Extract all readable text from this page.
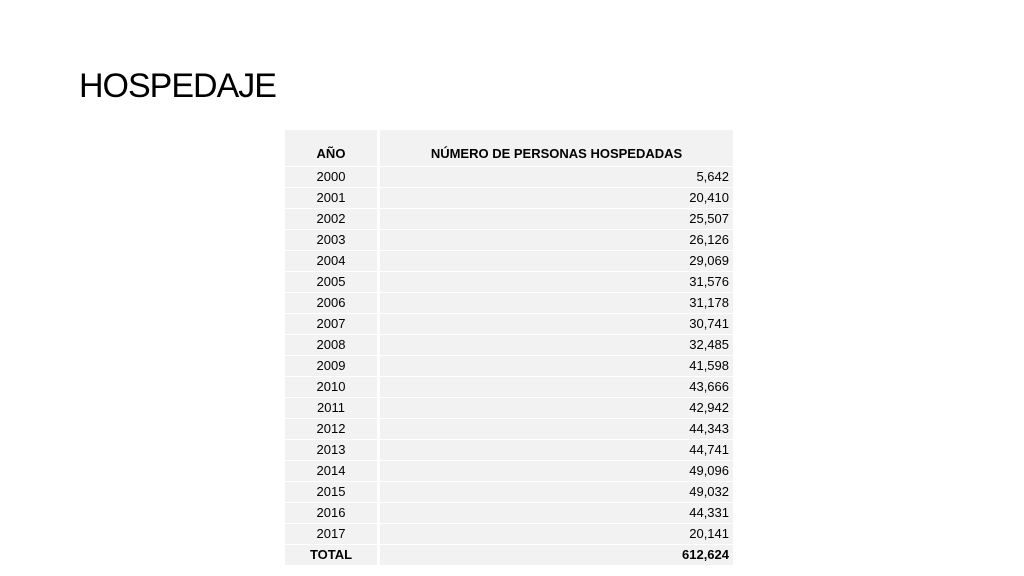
HOSPEDAJE
AÑO	NÚMERO DE PERSONAS HOSPEDADAS
2000	5,642
2001	20,410
2002	25,507
2003	26,126
2004	29,069
2005	31,576
2006	31,178
2007	30,741
2008	32,485
2009	41,598
2010	43,666
2011	42,942
2012	44,343
2013	44,741
2014	49,096
2015	49,032
2016	44,331
2017	20,141
TOTAL	612,624
